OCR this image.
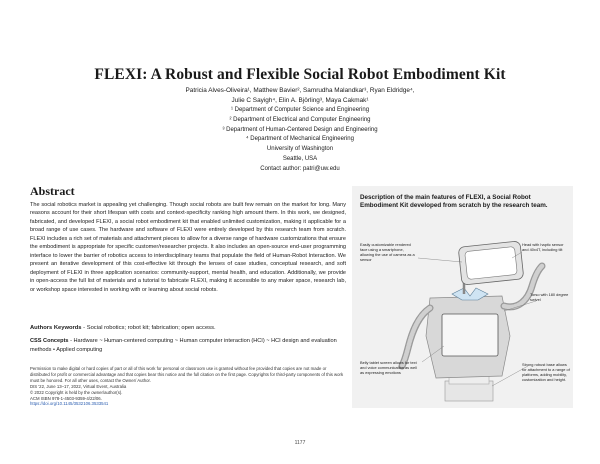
FLEXI: A Robust and Flexible Social Robot Embodiment Kit
Patricia Alves-Oliveira¹, Matthew Bavier², Samrudha Malandkar³, Ryan Eldridge⁴,
Julie C Sayigh⁴, Elin A. Björling³, Maya Cakmak¹
¹ Department of Computer Science and Engineering
² Department of Electrical and Computer Engineering
³ Department of Human-Centered Design and Engineering
⁴ Department of Mechanical Engineering
University of Washington
Seattle, USA
Contact author: patri@uw.edu
Abstract
The social robotics market is appealing yet challenging. Though social robots are built few remain on the market for long. Many reasons account for their short lifespan with costs and context-specificity ranking high amount them. In this work, we designed, fabricated, and developed FLEXI, a social robot embodiment kit that enabled unlimited customization, making it applicable for a broad range of use cases. The hardware and software of FLEXI were entirely developed by this research team from scratch. FLEXI includes a rich set of materials and attachment pieces to allow for a diverse range of hardware customizations that ensure the embodiment is appropriate for specific customer/researcher projects. It also includes an open-source end-user programming interface to lower the barrier of robotics access to interdisciplinary teams that populate the field of Human-Robot Interaction. We present an iterative development of this cost-effective kit through the lenses of case studies, conceptual research, and soft deployment of FLEXI in three application scenarios: community-support, mental health, and education. Additionally, we provide in open-access the full list of materials and a tutorial to fabricate FLEXI, making it accessible to any maker space, research lab, or workshop space interested in working with or learning about social robots.
Authors Keywords - Social robotics; robot kit; fabrication; open access.
CSS Concepts - Hardware ~ Human-centered computing ~ Human computer interaction (HCI) ~ HCI design and evaluation methods • Applied computing
Permission to make digital or hard copies of part or all of this work for personal or classroom use is granted without fee provided that copies are not made or distributed for profit or commercial advantage and that copies bear this notice and the full citation on the first page. Copyrights for third-party components of this work must be honored. For all other uses, contact the Owner/ Author.
DIS '22, June 13–17, 2022, Virtual Event, Australia
© 2022 Copyright is held by the owner/author(s).
ACM ISBN 978-1-4503-9359-4/22/06.
https://doi.org/10.1145/3532106.3533541
Description of the main features of FLEXI, a Social Robot Embodiment Kit developed from scratch by the research team.
Easily customizable rendered face using a smartphone, allowing the use of camera as a sensor
Head with haptic sensor and 40x4T, including tilt
Torso with 180 degree swivel
Belly tablet screen allows for text and voice communication as well as expressing emotions
Strong robust base allows for attachment to a range of platforms, adding mobility, customization and height.
1177
